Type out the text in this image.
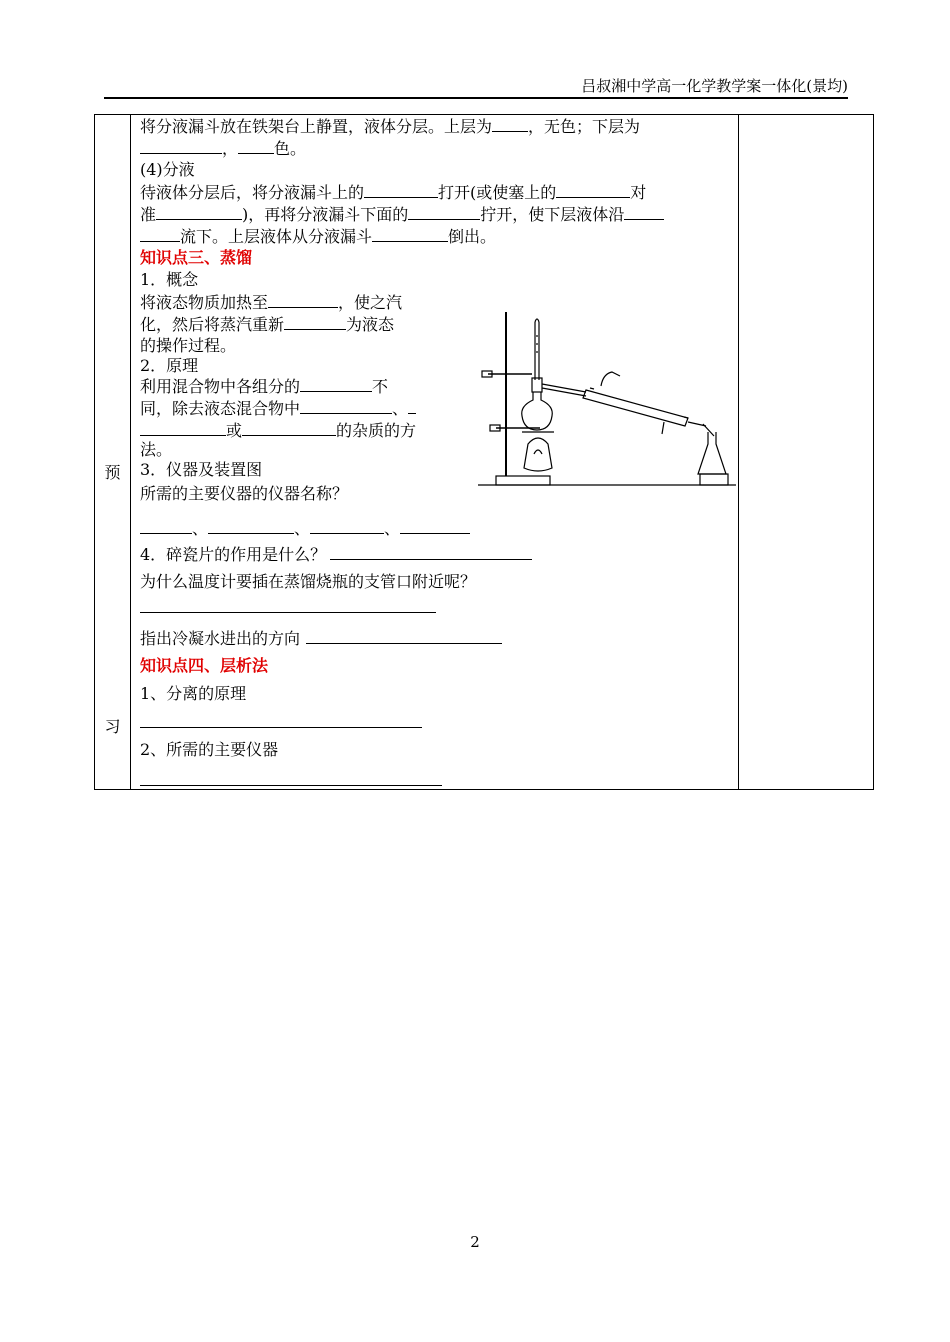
吕叔湘中学高一化学教学案一体化(景均)
预
习
将分液漏斗放在铁架台上静置，液体分层。上层为 ，无色；下层为
， 色。
(4)分液
待液体分层后，将分液漏斗上的	打开(或使塞上的	对
准	)，再将分液漏斗下面的	拧开，使下层液体沿
流下。上层液体从分液漏斗	倒出。
知识点三、蒸馏
1．概念
将液态物质加热至	，使之汽
化，然后将蒸汽重新	为液态
的操作过程。
2．原理
利用混合物中各组分的	不
同，除去液态混合物中	、
或	的杂质的方
法。
3．仪器及装置图
所需的主要仪器的仪器名称？
、	、	、
4．碎瓷片的作用是什么？
为什么温度计要插在蒸馏烧瓶的支管口附近呢？
指出冷凝水进出的方向
知识点四、层析法
1、分离的原理
2、所需的主要仪器
2
